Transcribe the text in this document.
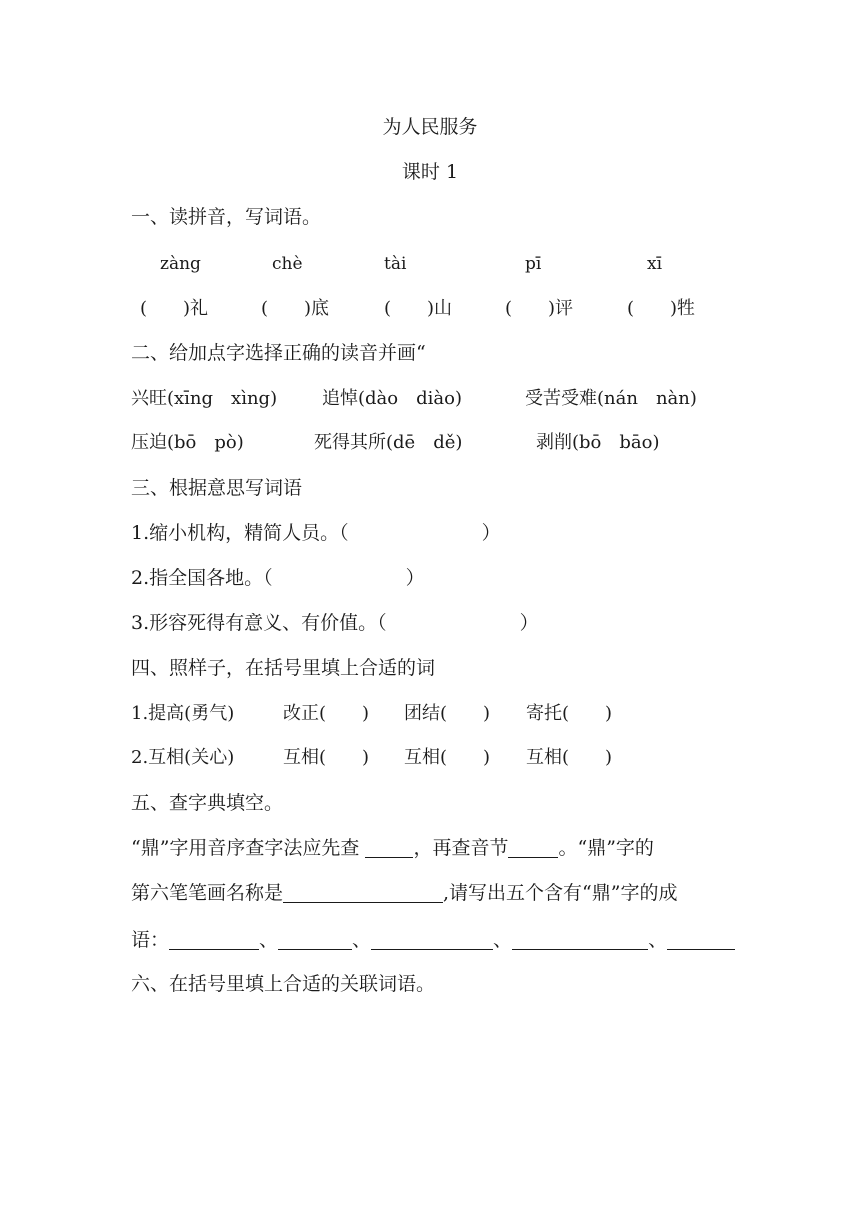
为人民服务
课时 1
一、读拼音，写词语。
zàng	chè	tài	pī	xī
(　　)礼	(　　)底	(　　)山	(　　)评	(　　)牲
二、给加点字选择正确的读音并画“
兴旺(xīng　xìng) 追悼(dào　diào)	受苦受难(nán　nàn)
压迫(bō　pò)	死得其所(dē　dě)	剥削(bō　bāo)
三、根据意思写词语
1.缩小机构，精简人员。（　　　　　　　）
2.指全国各地。（　　　　　　　）
3.形容死得有意义、有价值。（　　　　　　　）
四、照样子，在括号里填上合适的词
1.提高(勇气)	改正(　　) 团结(　　) 寄托(　　)
2.互相(关心)	互相(　　) 互相(　　) 互相(　　)
五、查字典填空。
“鼎”字用音序查字法应先查	，再查音节	。“鼎”字的
第六笔笔画名称是	,请写出五个含有“鼎”字的成
语：	、	、	、	、
六、在括号里填上合适的关联词语。
